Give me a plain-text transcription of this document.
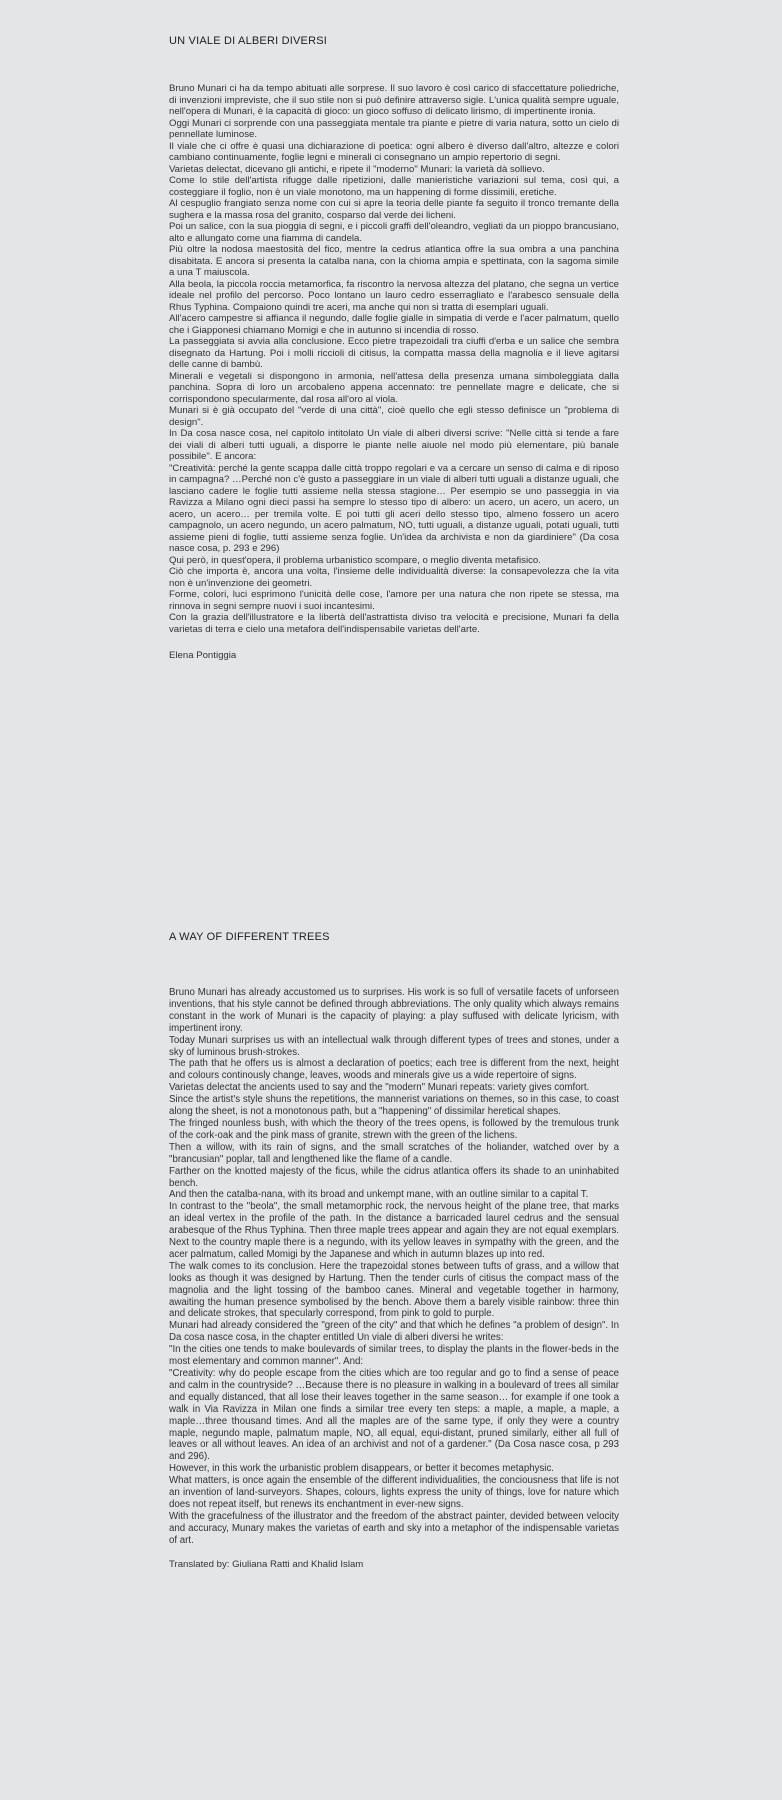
UN VIALE DI ALBERI DIVERSI

Bruno Munari ci ha da tempo abituati alle sorprese. Il suo lavoro è così carico di sfaccettature poliedriche, di invenzioni impreviste, che il suo stile non si può definire attraverso sigle. L'unica qualità sempre uguale, nell'opera di Munari, è la capacità di gioco: un gioco soffuso di delicato lirismo, di impertinente ironia.

Oggi Munari ci sorprende con una passeggiata mentale tra piante e pietre di varia natura, sotto un cielo di pennellate luminose.

Il viale che ci offre è quasi una dichiarazione di poetica: ogni albero è diverso dall'altro, altezze e colori cambiano continuamente, foglie legni e minerali ci consegnano un ampio repertorio di segni.

Varietas delectat, dicevano gli antichi, e ripete il "moderno" Munari: la varietà dà sollievo.

Come lo stile dell'artista rifugge dalle ripetizioni, dalle manieristiche variazioni sul tema, così qui, a costeggiare il foglio, non è un viale monotono, ma un happening di forme dissimili, eretiche.

Al cespuglio frangiato senza nome con cui si apre la teoria delle piante fa seguito il tronco tremante della sughera e la massa rosa del granito, cosparso dal verde dei licheni.

Poi un salice, con la sua pioggia di segni, e i piccoli graffi dell'oleandro, vegliati da un pioppo brancusiano, alto e allungato come una fiamma di candela.

Più oltre la nodosa maestosità del fico, mentre la cedrus atlantica offre la sua ombra a una panchina disabitata. E ancora si presenta la catalba nana, con la chioma ampia e spettinata, con la sagoma simile a una T maiuscola.

Alla beola, la piccola roccia metamorfica, fa riscontro la nervosa altezza del platano, che segna un vertice ideale nel profilo del percorso. Poco lontano un lauro cedro esserragliato e l'arabesco sensuale della Rhus Typhina. Compaiono quindi tre aceri, ma anche qui non si tratta di esemplari uguali.

All'acero campestre si affianca il negundo, dalle foglie gialle in simpatia di verde e l'acer palmatum, quello che i Giapponesi chiamano Momigi e che in autunno si incendia di rosso.

La passeggiata si avvia alla conclusione. Ecco pietre trapezoidali tra ciuffi d'erba e un salice che sembra disegnato da Hartung. Poi i molli riccioli di citisus, la compatta massa della magnolia e il lieve agitarsi delle canne di bambù.

Minerali e vegetali si dispongono in armonia, nell'attesa della presenza umana simboleggiata dalla panchina. Sopra di loro un arcobaleno appena accennato: tre pennellate magre e delicate, che si corrispondono specularmente, dal rosa all'oro al viola.

Munari si è già occupato del "verde di una città", cioè quello che egli stesso definisce un "problema di design".

In Da cosa nasce cosa, nel capitolo intitolato Un viale di alberi diversi scrive: "Nelle città si tende a fare dei viali di alberi tutti uguali, a disporre le piante nelle aiuole nel modo più elementare, più banale possibile". E ancora:

"Creatività: perché la gente scappa dalle città troppo regolari e va a cercare un senso di calma e di riposo in campagna? …Perché non c'è gusto a passeggiare in un viale di alberi tutti uguali a distanze uguali, che lasciano cadere le foglie tutti assieme nella stessa stagione… Per esempio se uno passeggia in via Ravizza a Milano ogni dieci passi ha sempre lo stesso tipo di albero: un acero, un acero, un acero, un acero, un acero… per tremila volte. E poi tutti gli aceri dello stesso tipo, almeno fossero un acero campagnolo, un acero negundo, un acero palmatum, NO, tutti uguali, a distanze uguali, potati uguali, tutti assieme pieni di foglie, tutti assieme senza foglie. Un'idea da archivista e non da giardiniere" (Da cosa nasce cosa, p. 293 e 296)

Qui però, in quest'opera, il problema urbanistico scompare, o meglio diventa metafisico.

Ciò che importa è, ancora una volta, l'insieme delle individualità diverse: la consapevolezza che la vita non è un'invenzione dei geometri.

Forme, colori, luci esprimono l'unicità delle cose, l'amore per una natura che non ripete se stessa, ma rinnova in segni sempre nuovi i suoi incantesimi.

Con la grazia dell'illustratore e la libertà dell'astrattista diviso tra velocità e precisione, Munari fa della varietas di terra e cielo una metafora dell'indispensabile varietas dell'arte.

Elena Pontiggia
A WAY OF DIFFERENT TREES

Bruno Munari has already accustomed us to surprises. His work is so full of versatile facets of unforseen inventions, that his style cannot be defined through abbreviations. The only quality which always remains constant in the work of Munari is the capacity of playing: a play suffused with delicate lyricism, with impertinent irony.

Today Munari surprises us with an intellectual walk through different types of trees and stones, under a sky of luminous brush-strokes.

The path that he offers us is almost a declaration of poetics; each tree is different from the next, height and colours continously change, leaves, woods and minerals give us a wide repertoire of signs.

Varietas delectat the ancients used to say and the "modern" Munari repeats: variety gives comfort.

Since the artist's style shuns the repetitions, the mannerist variations on themes, so in this case, to coast along the sheet, is not a monotonous path, but a "happening" of dissimilar heretical shapes.

The fringed nounless bush, with which the theory of the trees opens, is followed by the tremulous trunk of the cork-oak and the pink mass of granite, strewn with the green of the lichens.

Then a willow, with its rain of signs, and the small scratches of the holiander, watched over by a "brancusian" poplar, tall and lengthened like the flame of a candle.

Farther on the knotted majesty of the ficus, while the cidrus atlantica offers its shade to an uninhabited bench.

And then the catalba-nana, with its broad and unkempt mane, with an outline similar to a capital T.

In contrast to the "beola", the small metamorphic rock, the nervous height of the plane tree, that marks an ideal vertex in the profile of the path. In the distance a barricaded laurel cedrus and the sensual arabesque of the Rhus Typhina. Then three maple trees appear and again they are not equal exemplars. Next to the country maple there is a negundo, with its yellow leaves in sympathy with the green, and the acer palmatum, called Momigi by the Japanese and which in autumn blazes up into red.

The walk comes to its conclusion. Here the trapezoidal stones between tufts of grass, and a willow that looks as though it was designed by Hartung. Then the tender curls of citisus the compact mass of the magnolia and the light tossing of the bamboo canes. Mineral and vegetable together in harmony, awaiting the human presence symbolised by the bench. Above them a barely visible rainbow: three thin and delicate strokes, that specularly correspond, from pink to gold to purple.

Munari had already considered the "green of the city" and that which he defines "a problem of design". In Da cosa nasce cosa, in the chapter entitled Un viale di alberi diversi he writes:

"In the cities one tends to make boulevards of similar trees, to display the plants in the flower-beds in the most elementary and common manner". And:

"Creativity: why do people escape from the cities which are too regular and go to find a sense of peace and calm in the countryside? …Because there is no pleasure in walking in a boulevard of trees all similar and equally distanced, that all lose their leaves together in the same season… for example if one took a walk in Via Ravizza in Milan one finds a similar tree every ten steps: a maple, a maple, a maple, a maple…three thousand times. And all the maples are of the same type, if only they were a country maple, negundo maple, palmatum maple, NO, all equal, equi-distant, pruned similarly, either all full of leaves or all without leaves. An idea of an archivist and not of a gardener." (Da Cosa nasce cosa, p 293 and 296).

However, in this work the urbanistic problem disappears, or better it becomes metaphysic.

What matters, is once again the ensemble of the different individualities, the conciousness that life is not an invention of land-surveyors. Shapes, colours, lights express the unity of things, love for nature which does not repeat itself, but renews its enchantment in ever-new signs.

With the gracefulness of the illustrator and the freedom of the abstract painter, devided between velocity and accuracy, Munary makes the varietas of earth and sky into a metaphor of the indispensable varietas of art.

Translated by: Giuliana Ratti and Khalid Islam
